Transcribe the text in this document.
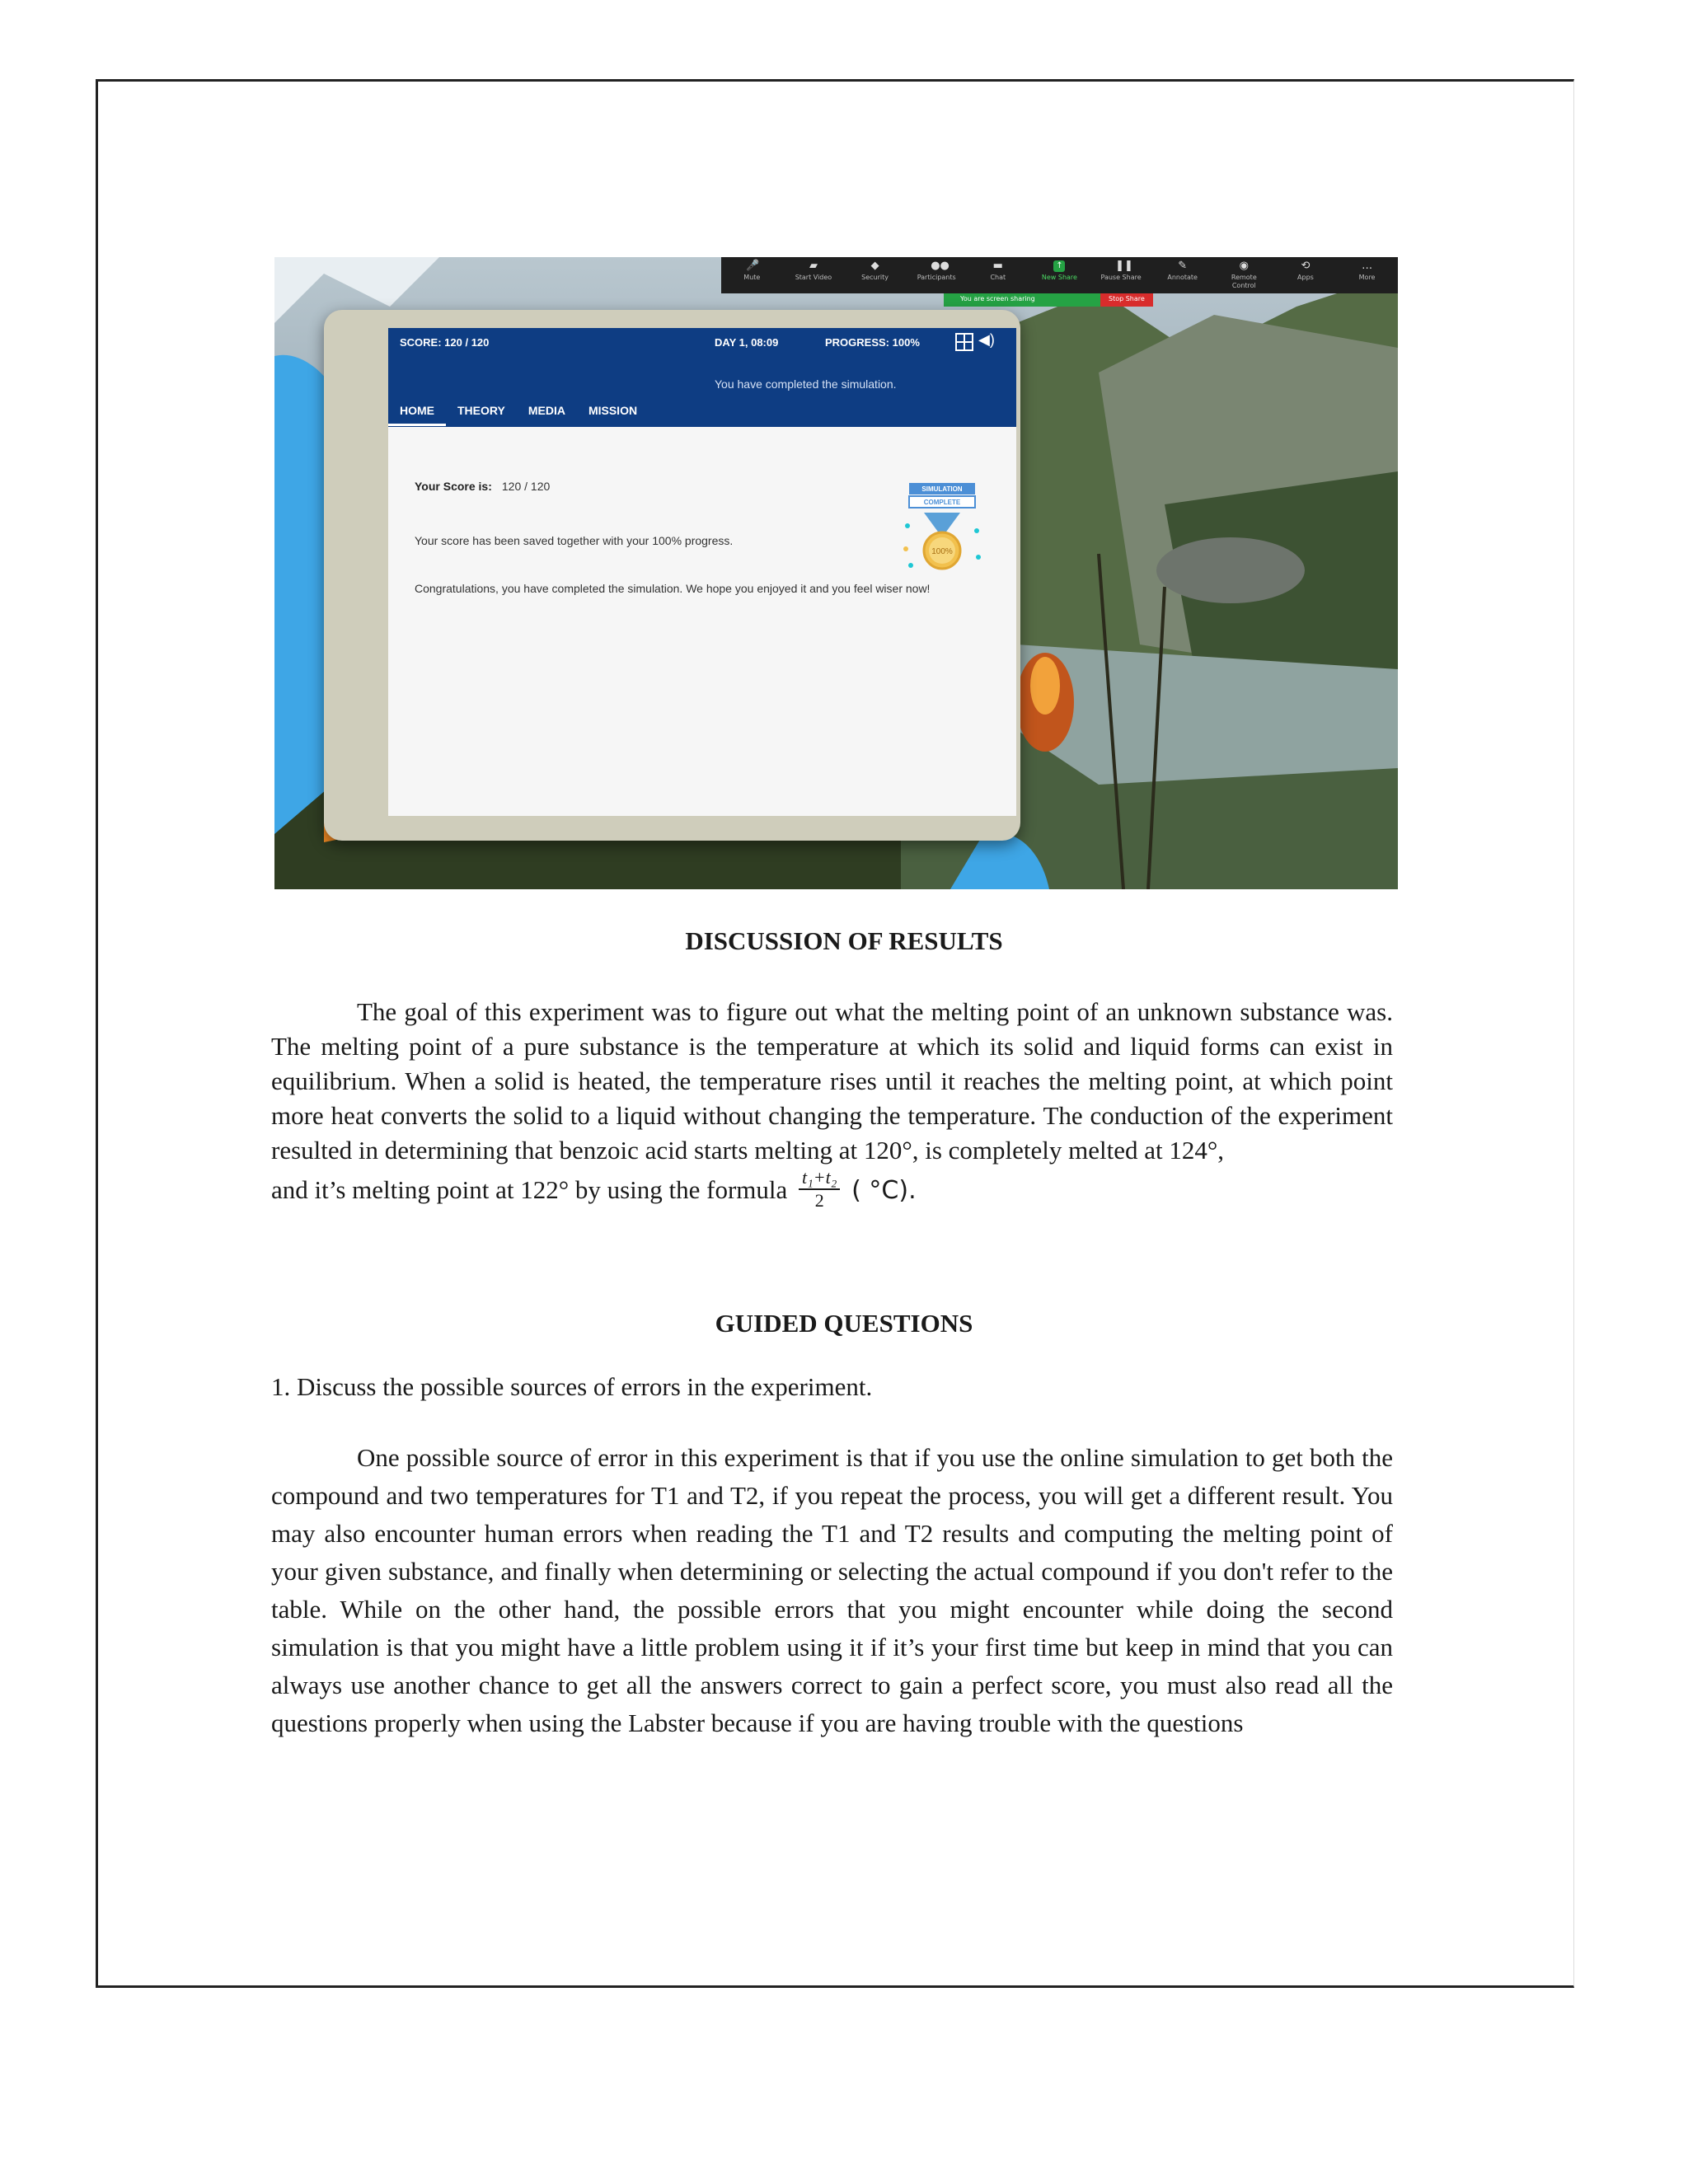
🎤
Mute
▰
Start Video
◆
Security
●●
Participants
▬
Chat
↑
New Share
❚❚
Pause Share
✎
Annotate
◉
Remote Control
⟲
Apps
…
More
You are screen sharing	Stop Share
SCORE: 120 / 120	DAY 1, 08:09	PROGRESS: 100%	◀)
You have completed the simulation.
HOME	THEORY	MEDIA	MISSION
Your Score is: 120 / 120
Your score has been saved together with your 100% progress.
Congratulations, you have completed the simulation. We hope you enjoyed it and you feel wiser now!
SIMULATION
COMPLETE
100%
DISCUSSION OF RESULTS
The goal of this experiment was to figure out what the melting point of an unknown substance was. The melting point of a pure substance is the temperature at which its solid and liquid forms can exist in equilibrium. When a solid is heated, the temperature rises until it reaches the melting point, at which point more heat converts the solid to a liquid without changing the temperature. The conduction of the experiment resulted in determining that benzoic acid starts melting at 120°, is completely melted at 124°,
and it’s melting point at 122° by using the formula $\frac{\text{t₁+t₂}}{2}$ ( °C).
GUIDED QUESTIONS
1. Discuss the possible sources of errors in the experiment.
One possible source of error in this experiment is that if you use the online simulation to get both the compound and two temperatures for T1 and T2, if you repeat the process, you will get a different result. You may also encounter human errors when reading the T1 and T2 results and computing the melting point of your given substance, and finally when determining or selecting the actual compound if you don't refer to the table. While on the other hand, the possible errors that you might encounter while doing the second simulation is that you might have a little problem using it if it’s your first time but keep in mind that you can always use another chance to get all the answers correct to gain a perfect score, you must also read all the questions properly when using the Labster because if you are having trouble with the questions
